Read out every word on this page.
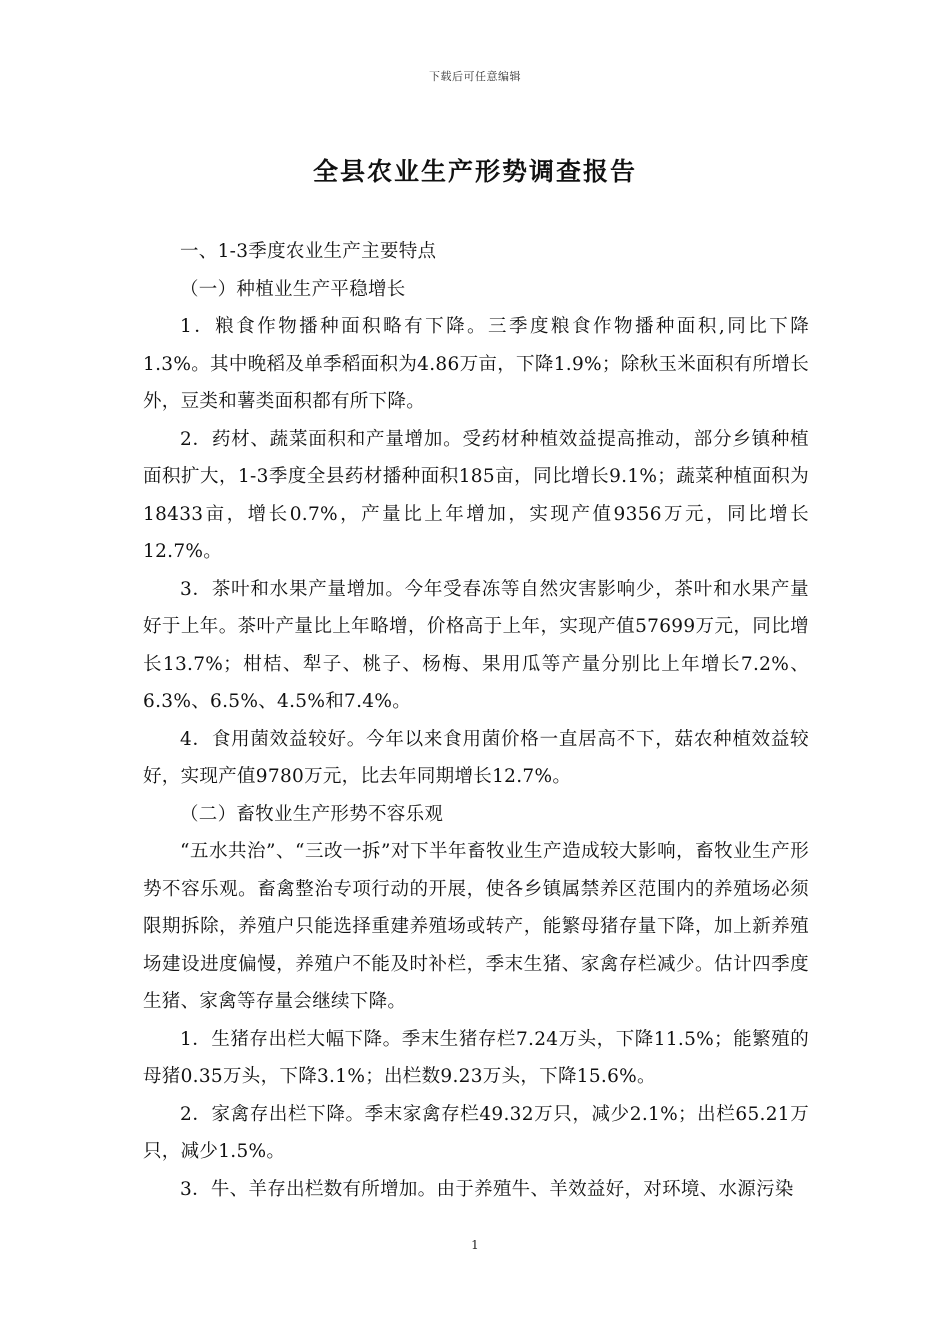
下载后可任意编辑
全县农业生产形势调查报告

一、1-3季度农业生产主要特点

（一）种植业生产平稳增长

1．粮食作物播种面积略有下降。三季度粮食作物播种面积,同比下降1.3%。其中晚稻及单季稻面积为4.86万亩，下降1.9%；除秋玉米面积有所增长外，豆类和薯类面积都有所下降。

2．药材、蔬菜面积和产量增加。受药材种植效益提高推动，部分乡镇种植面积扩大，1-3季度全县药材播种面积185亩，同比增长9.1%；蔬菜种植面积为18433亩，增长0.7%，产量比上年增加，实现产值9356万元，同比增长12.7%。

3．茶叶和水果产量增加。今年受春冻等自然灾害影响少，茶叶和水果产量好于上年。茶叶产量比上年略增，价格高于上年，实现产值57699万元，同比增长13.7%；柑桔、犁子、桃子、杨梅、果用瓜等产量分别比上年增长7.2%、6.3%、6.5%、4.5%和7.4%。

4．食用菌效益较好。今年以来食用菌价格一直居高不下，菇农种植效益较好，实现产值9780万元，比去年同期增长12.7%。

（二）畜牧业生产形势不容乐观

“五水共治”、“三改一拆”对下半年畜牧业生产造成较大影响，畜牧业生产形势不容乐观。畜禽整治专项行动的开展，使各乡镇属禁养区范围内的养殖场必须限期拆除，养殖户只能选择重建养殖场或转产，能繁母猪存量下降，加上新养殖场建设进度偏慢，养殖户不能及时补栏，季末生猪、家禽存栏减少。估计四季度生猪、家禽等存量会继续下降。

1．生猪存出栏大幅下降。季末生猪存栏7.24万头，下降11.5%；能繁殖的母猪0.35万头，下降3.1%；出栏数9.23万头，下降15.6%。

2．家禽存出栏下降。季末家禽存栏49.32万只，减少2.1%；出栏65.21万只，减少1.5%。

3．牛、羊存出栏数有所增加。由于养殖牛、羊效益好，对环境、水源污染

1
